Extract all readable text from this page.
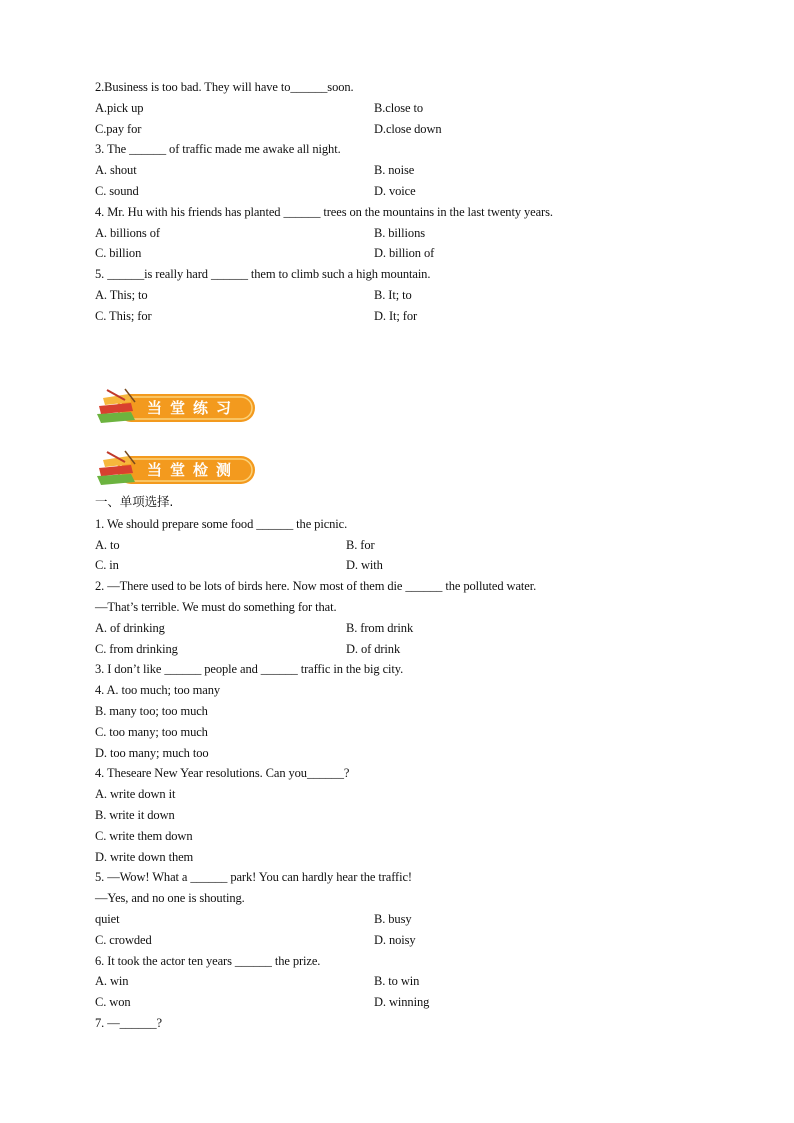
2.Business is too bad. They will have to______soon.
A.pick up	B.close to
C.pay for	D.close down
3. The ______ of traffic made me awake all night.
A. shout	B. noise
C. sound	D. voice
4. Mr. Hu with his friends has planted ______ trees on the mountains in the last twenty years.
A. billions of	B. billions
C. billion	D. billion of
5. ______is really hard ______ them to climb such a high mountain.
A. This; to	B. It; to
C. This; for	D. It; for
当堂练习
当堂检测
一、单项选择.
1. We should prepare some food ______ the picnic.
A. to	B. for
C. in	D. with
2. —There used to be lots of birds here. Now most of them die ______ the polluted water.
—That’s terrible. We must do something for that.
A. of drinking	B. from drink
C. from drinking	D. of drink
3. I don’t like ______ people and ______ traffic in the big city.
4. A. too much; too many
B. many too; too much
C. too many; too much
D. too many; much too
4. Theseare New Year resolutions. Can you______?
A. write down it
B. write it down
C. write them down
D. write down them
5. —Wow! What a ______ park! You can hardly hear the traffic!
—Yes, and no one is shouting.
quiet	B. busy
C. crowded	D. noisy
6. It took the actor ten years ______ the prize.
A. win	B. to win
C. won	D. winning
7. —______?
